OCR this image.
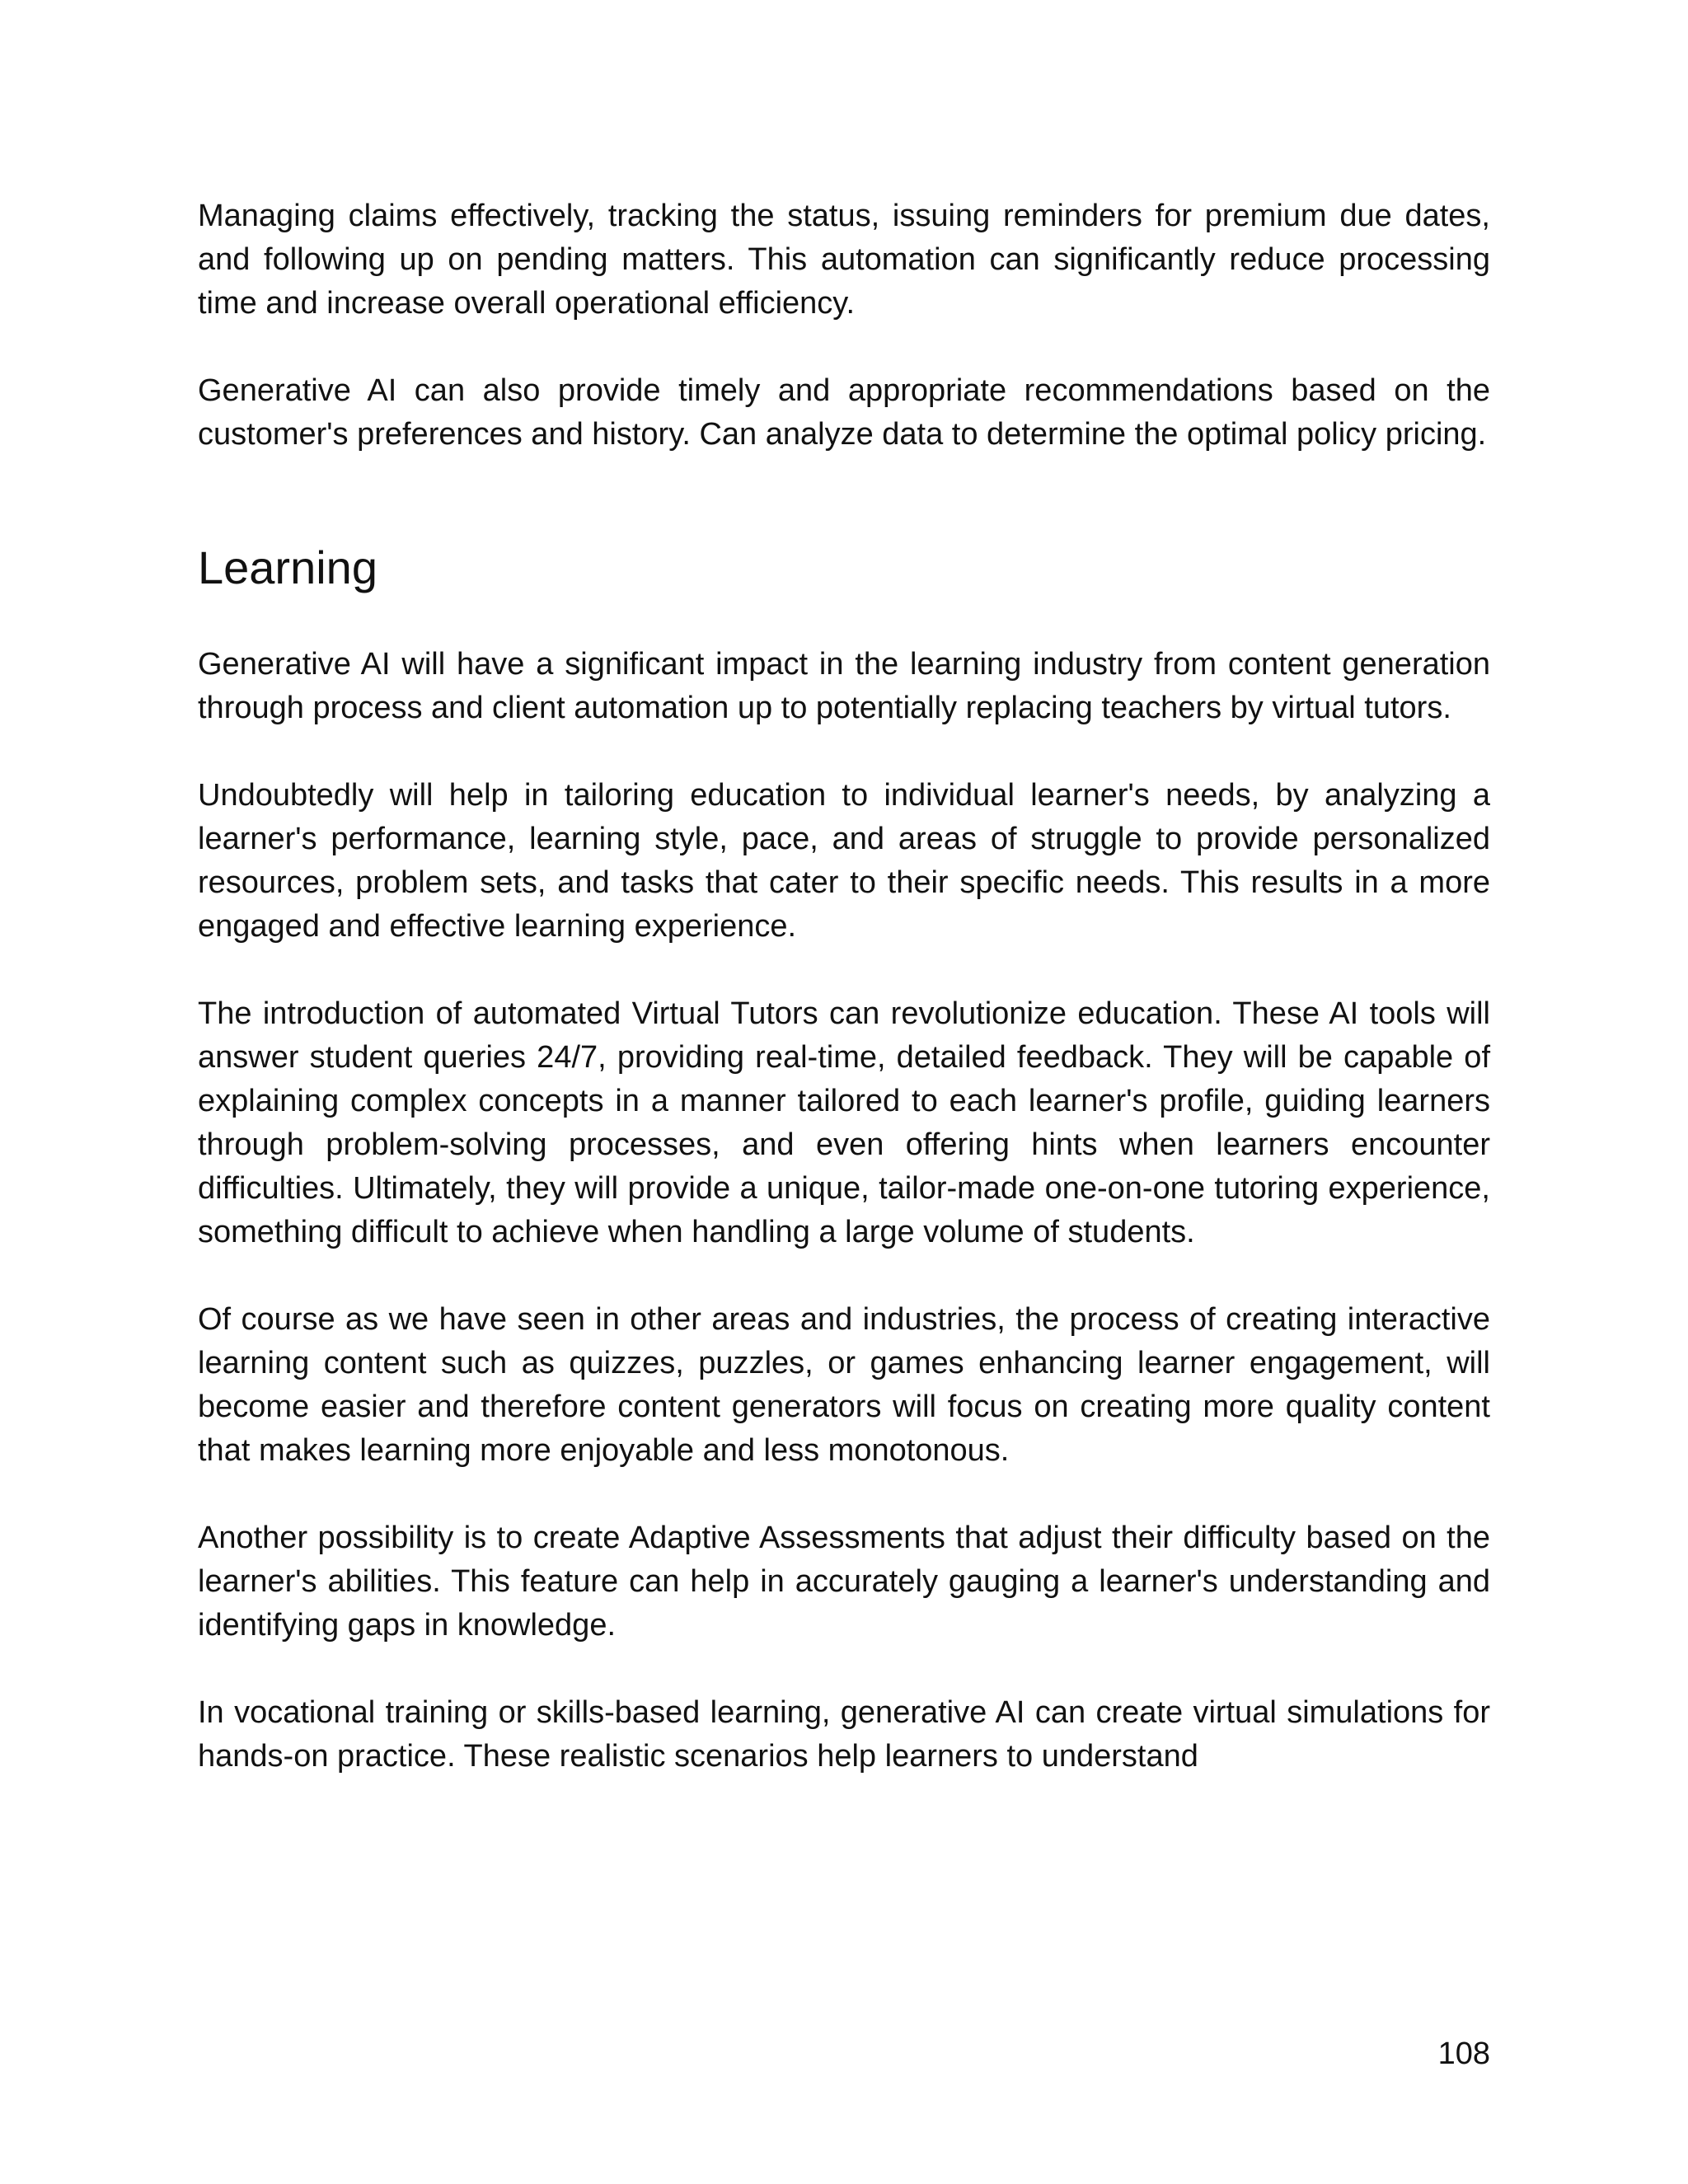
Managing claims effectively, tracking the status, issuing reminders for premium due dates, and following up on pending matters. This automation can significantly reduce processing time and increase overall operational efficiency.

Generative AI can also provide timely and appropriate recommendations based on the customer's preferences and history. Can analyze data to determine the optimal policy pricing.

Learning

Generative AI will have a significant impact in the learning industry from content generation through process and client automation up to potentially replacing teachers by virtual tutors.

Undoubtedly will help in tailoring education to individual learner's needs, by analyzing a learner's performance, learning style, pace, and areas of struggle to provide personalized resources, problem sets, and tasks that cater to their specific needs. This results in a more engaged and effective learning experience.

The introduction of automated Virtual Tutors can revolutionize education. These AI tools will answer student queries 24/7, providing real-time, detailed feedback. They will be capable of explaining complex concepts in a manner tailored to each learner's profile, guiding learners through problem-solving processes, and even offering hints when learners encounter difficulties. Ultimately, they will provide a unique, tailor-made one-on-one tutoring experience, something difficult to achieve when handling a large volume of students.

Of course as we have seen in other areas and industries, the process of creating interactive learning content such as quizzes, puzzles, or games enhancing learner engagement, will become easier and therefore content generators will focus on creating more quality content that makes learning more enjoyable and less monotonous.

Another possibility is to create Adaptive Assessments that adjust their difficulty based on the learner's abilities. This feature can help in accurately gauging a learner's understanding and identifying gaps in knowledge.

In vocational training or skills-based learning, generative AI can create virtual simulations for hands-on practice. These realistic scenarios help learners to understand

108
